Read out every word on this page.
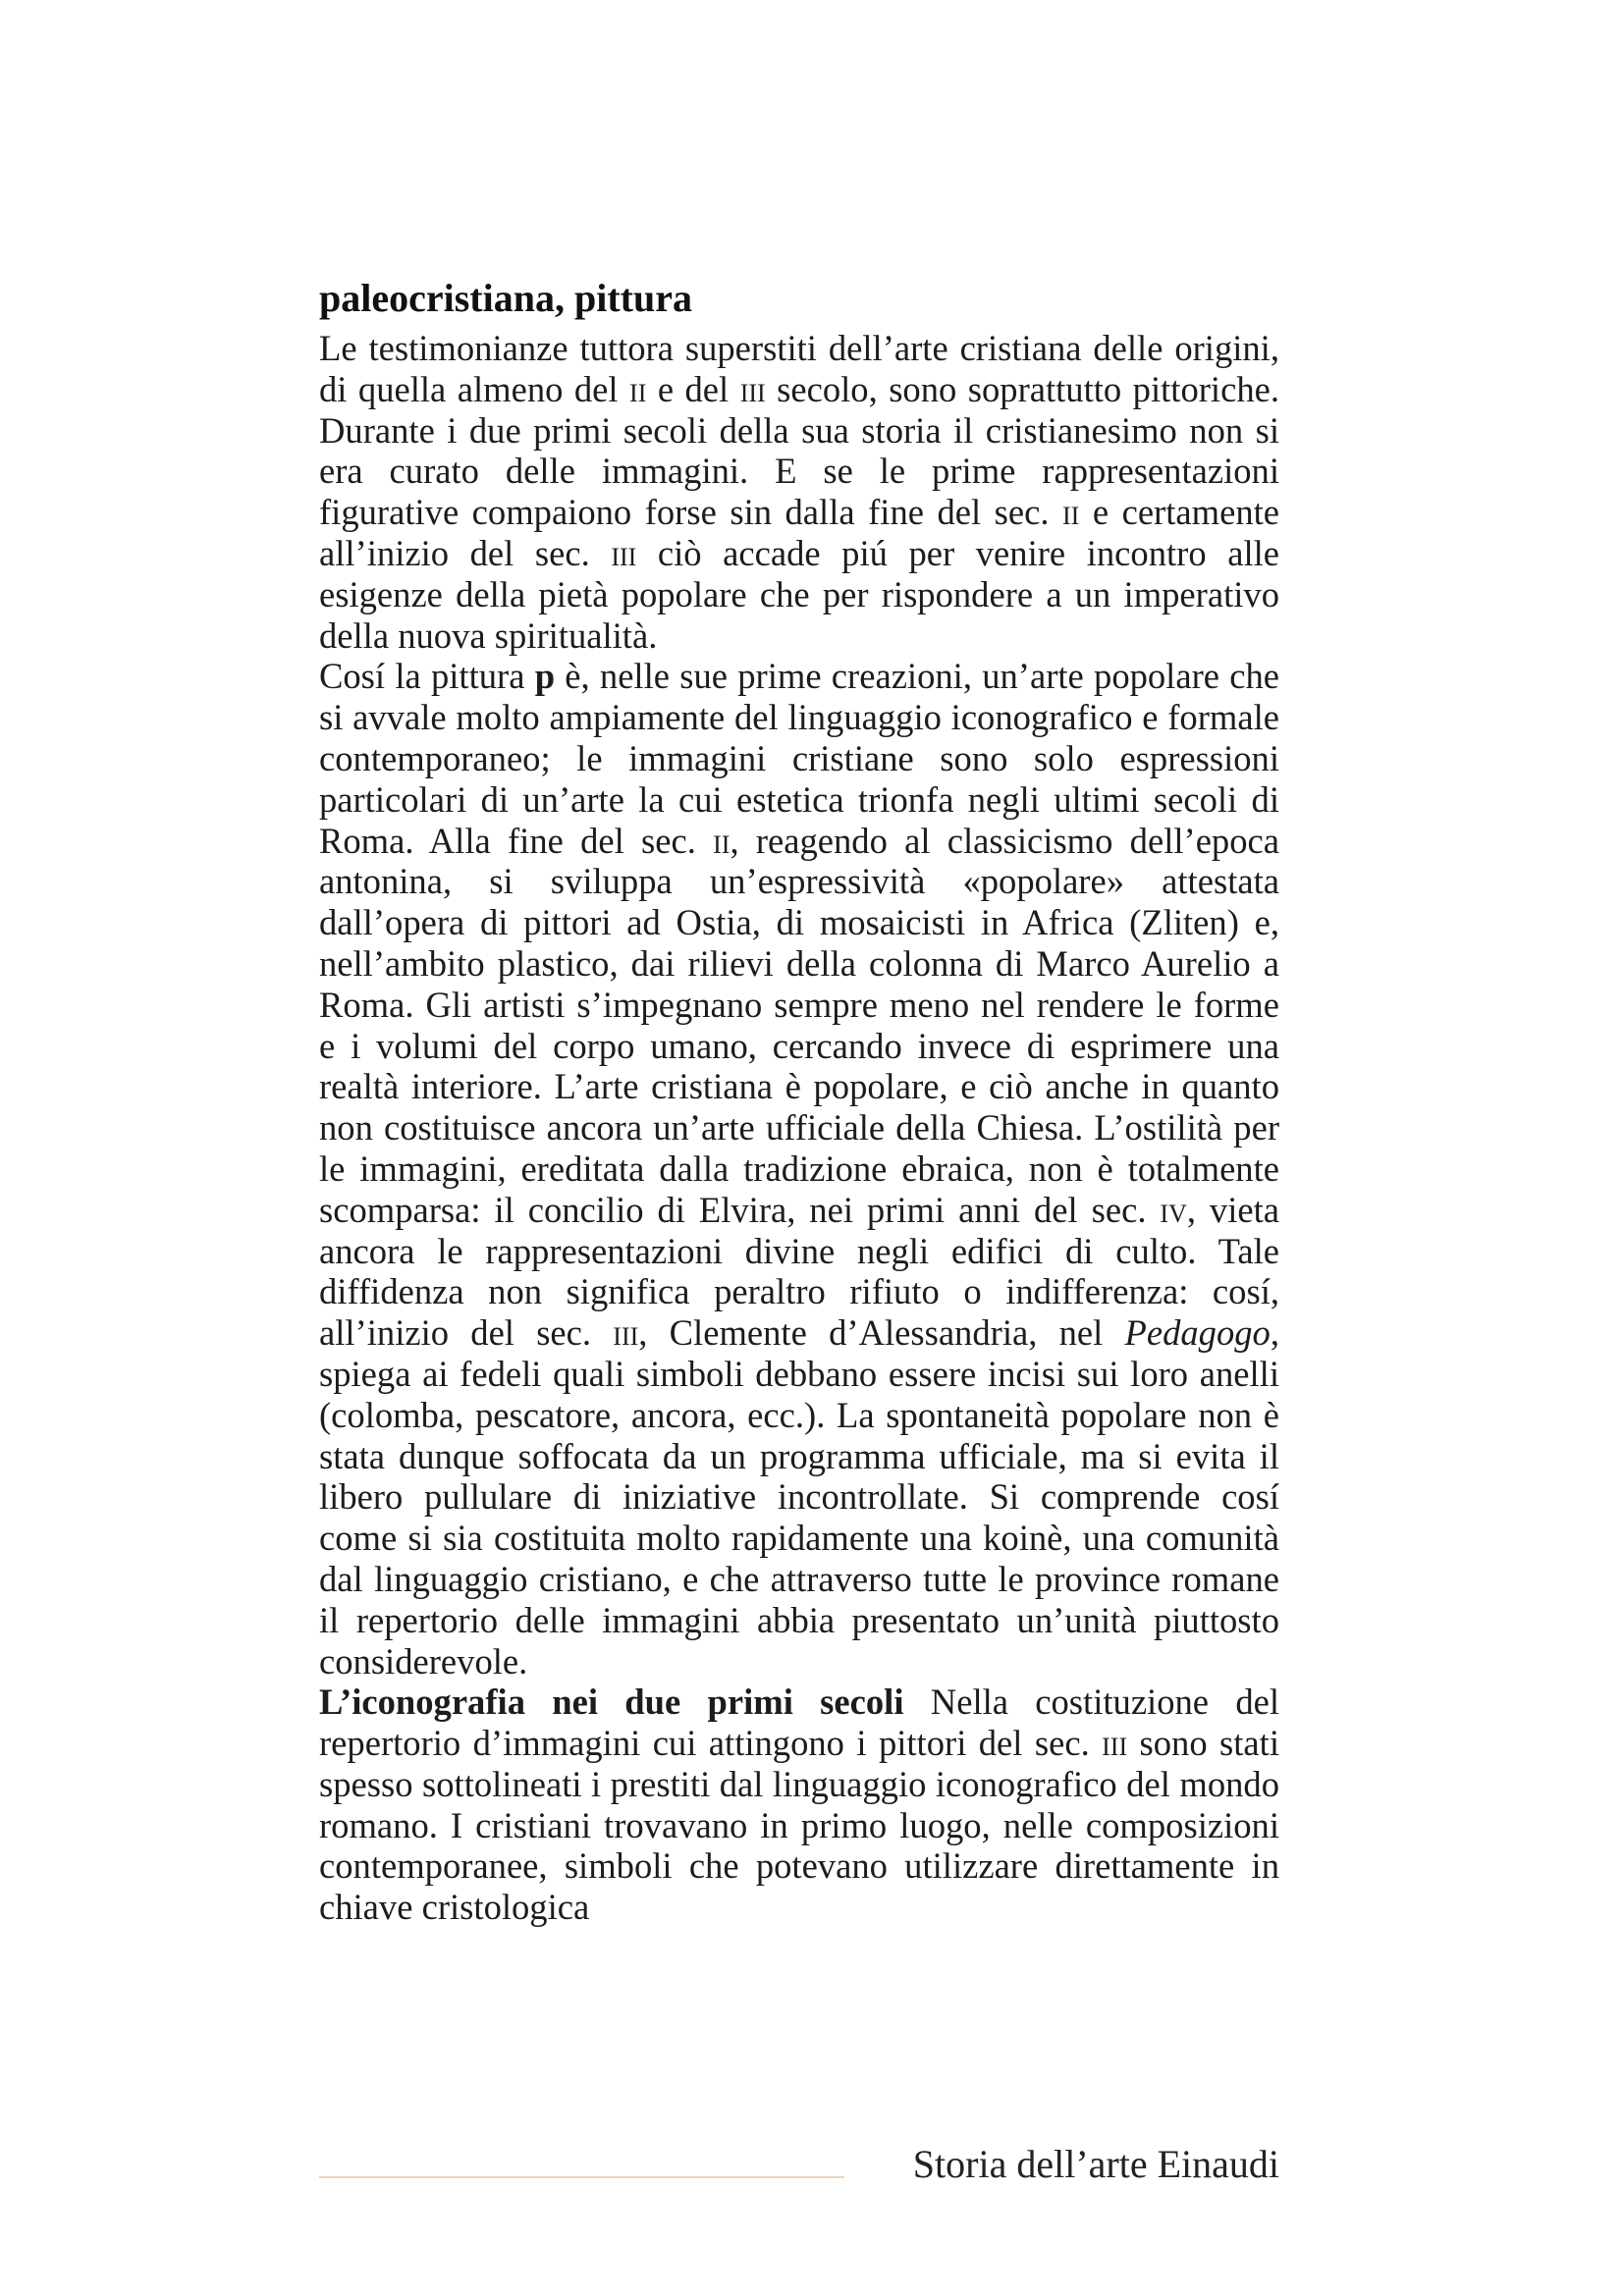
paleocristiana, pittura

Le testimonianze tuttora superstiti dell’arte cristiana delle origini, di quella almeno del ii e del iii secolo, sono soprattutto pittoriche. Durante i due primi secoli della sua storia il cristianesimo non si era curato delle immagini. E se le prime rappresentazioni figurative compaiono forse sin dalla fine del sec. ii e certamente all’inizio del sec. iii ciò accade piú per venire incontro alle esigenze della pietà popolare che per rispondere a un imperativo della nuova spiritualità.

Cosí la pittura p è, nelle sue prime creazioni, un’arte popolare che si avvale molto ampiamente del linguaggio iconografico e formale contemporaneo; le immagini cristiane sono solo espressioni particolari di un’arte la cui estetica trionfa negli ultimi secoli di Roma. Alla fine del sec. ii, reagendo al classicismo dell’epoca antonina, si sviluppa un’espressività «popolare» attestata dall’opera di pittori ad Ostia, di mosaicisti in Africa (Zliten) e, nell’ambito plastico, dai rilievi della colonna di Marco Aurelio a Roma. Gli artisti s’impegnano sempre meno nel rendere le forme e i volumi del corpo umano, cercando invece di esprimere una realtà interiore. L’arte cristiana è popolare, e ciò anche in quanto non costituisce ancora un’arte ufficiale della Chiesa. L’ostilità per le immagini, ereditata dalla tradizione ebraica, non è totalmente scomparsa: il concilio di Elvira, nei primi anni del sec. iv, vieta ancora le rappresentazioni divine negli edifici di culto. Tale diffidenza non significa peraltro rifiuto o indifferenza: cosí, all’inizio del sec. iii, Clemente d’Alessandria, nel Pedagogo, spiega ai fedeli quali simboli debbano essere incisi sui loro anelli (colomba, pescatore, ancora, ecc.). La spontaneità popolare non è stata dunque soffocata da un programma ufficiale, ma si evita il libero pullulare di iniziative incontrollate. Si comprende cosí come si sia costituita molto rapidamente una koinè, una comunità dal linguaggio cristiano, e che attraverso tutte le province romane il repertorio delle immagini abbia presentato un’unità piuttosto considerevole.

L’iconografia nei due primi secoli Nella costituzione del repertorio d’immagini cui attingono i pittori del sec. iii sono stati spesso sottolineati i prestiti dal linguaggio iconografico del mondo romano. I cristiani trovavano in primo luogo, nelle composizioni contemporanee, simboli che potevano utilizzare direttamente in chiave cristologica

Storia dell’arte Einaudi
